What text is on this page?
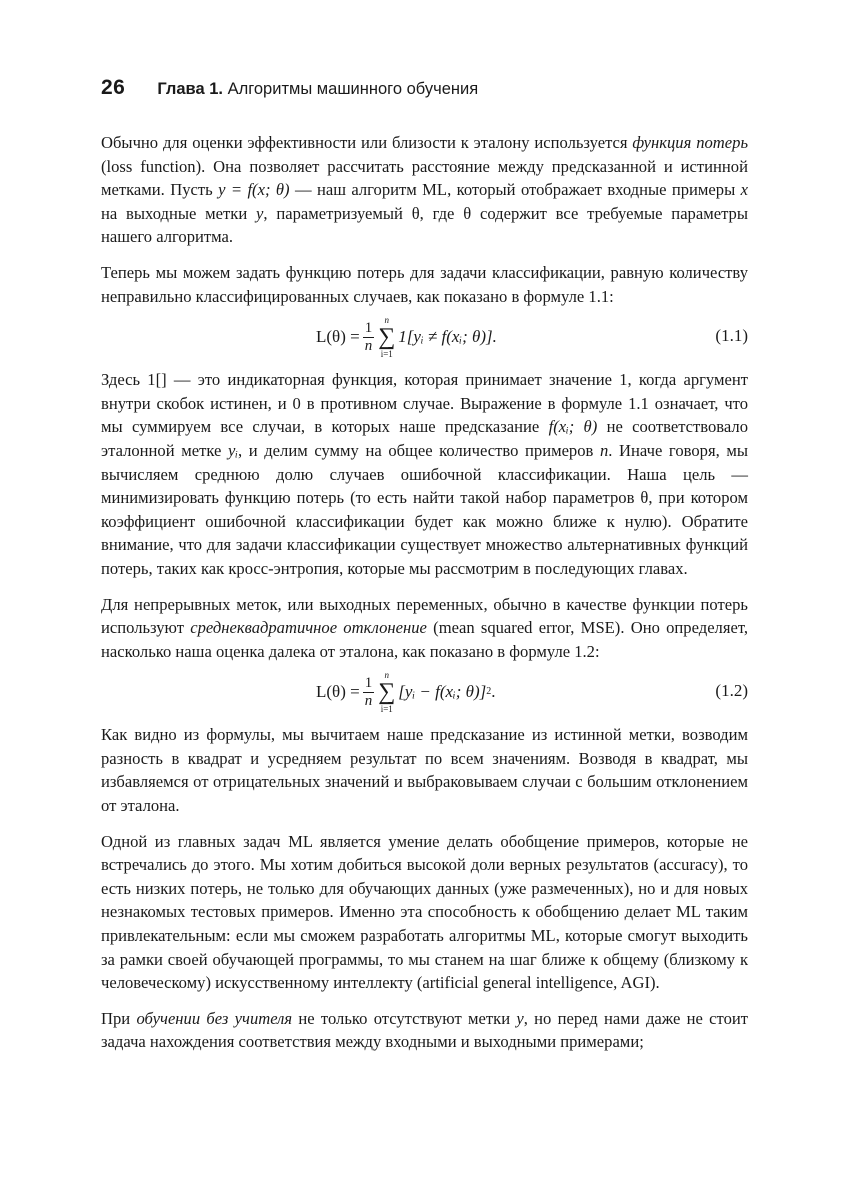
26 Глава 1. Алгоритмы машинного обучения

Обычно для оценки эффективности или близости к эталону используется функция потерь (loss function). Она позволяет рассчитать расстояние между предсказанной и истинной метками. Пусть y = f(x; θ) — наш алгоритм ML, который отображает входные примеры x на выходные метки y, параметризуемый θ, где θ содержит все требуемые параметры нашего алгоритма.

Теперь мы можем задать функцию потерь для задачи классификации, равную количеству неправильно классифицированных случаев, как показано в формуле 1.1:

$L(\theta) = \frac{1}{n}$ n
∑
i=1
1[yᵢ ≠ f(xᵢ; θ)].	(1.1)

Здесь 1[] — это индикаторная функция, которая принимает значение 1, когда аргумент внутри скобок истинен, и 0 в противном случае. Выражение в формуле 1.1 означает, что мы суммируем все случаи, в которых наше предсказание f(xᵢ; θ) не соответствовало эталонной метке yᵢ, и делим сумму на общее количество примеров n. Иначе говоря, мы вычисляем среднюю долю случаев ошибочной классификации. Наша цель — минимизировать функцию потерь (то есть найти такой набор параметров θ, при котором коэффициент ошибочной классификации будет как можно ближе к нулю). Обратите внимание, что для задачи классификации существует множество альтернативных функций потерь, таких как кросс-энтропия, которые мы рассмотрим в последующих главах.

Для непрерывных меток, или выходных переменных, обычно в качестве функции потерь используют среднеквадратичное отклонение (mean squared error, MSE). Оно определяет, насколько наша оценка далека от эталона, как показано в формуле 1.2:

$L(\theta) = \frac{1}{n}$ n
∑
i=1
[yᵢ − f(xᵢ; θ)] 2 .	(1.2)

Как видно из формулы, мы вычитаем наше предсказание из истинной метки, возводим разность в квадрат и усредняем результат по всем значениям. Возводя в квадрат, мы избавляемся от отрицательных значений и выбраковываем случаи с большим отклонением от эталона.

Одной из главных задач ML является умение делать обобщение примеров, которые не встречались до этого. Мы хотим добиться высокой доли верных результатов (accuracy), то есть низких потерь, не только для обучающих данных (уже размеченных), но и для новых незнакомых тестовых примеров. Именно эта способность к обобщению делает ML таким привлекательным: если мы сможем разработать алгоритмы ML, которые смогут выходить за рамки своей обучающей программы, то мы станем на шаг ближе к общему (близкому к человеческому) искусственному интеллекту (artificial general intelligence, AGI).

При обучении без учителя не только отсутствуют метки y, но перед нами даже не стоит задача нахождения соответствия между входными и выходными примерами;
